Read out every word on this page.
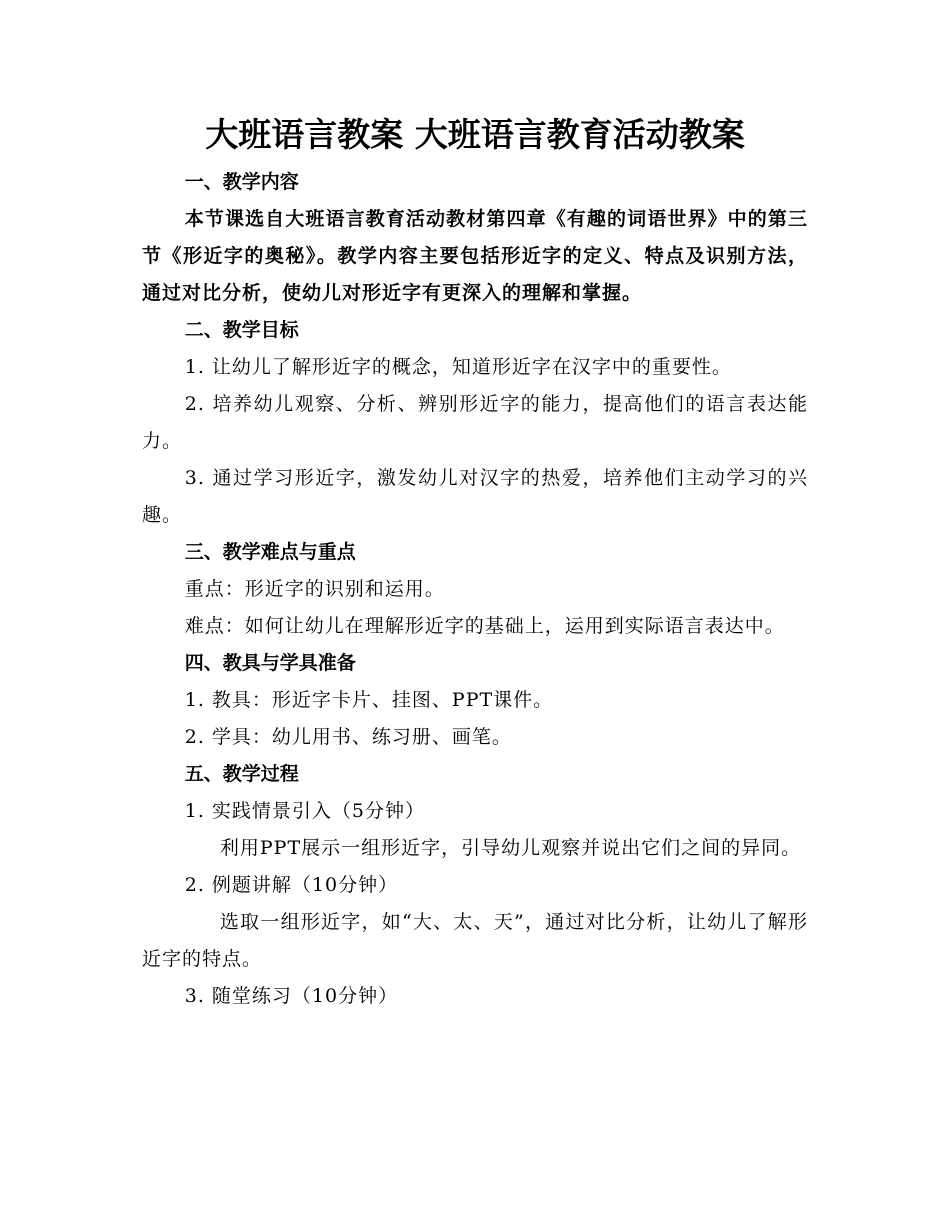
大班语言教案 大班语言教育活动教案

一、教学内容

本节课选自大班语言教育活动教材第四章《有趣的词语世界》中的第三节《形近字的奥秘》。教学内容主要包括形近字的定义、特点及识别方法，通过对比分析，使幼儿对形近字有更深入的理解和掌握。

二、教学目标

1. 让幼儿了解形近字的概念，知道形近字在汉字中的重要性。

2. 培养幼儿观察、分析、辨别形近字的能力，提高他们的语言表达能力。

3. 通过学习形近字，激发幼儿对汉字的热爱，培养他们主动学习的兴趣。

三、教学难点与重点

重点：形近字的识别和运用。

难点：如何让幼儿在理解形近字的基础上，运用到实际语言表达中。

四、教具与学具准备

1. 教具：形近字卡片、挂图、PPT课件。

2. 学具：幼儿用书、练习册、画笔。

五、教学过程

1. 实践情景引入（5分钟）

利用PPT展示一组形近字，引导幼儿观察并说出它们之间的异同。

2. 例题讲解（10分钟）

选取一组形近字，如“大、太、天”，通过对比分析，让幼儿了解形近字的特点。

3. 随堂练习（10分钟）
